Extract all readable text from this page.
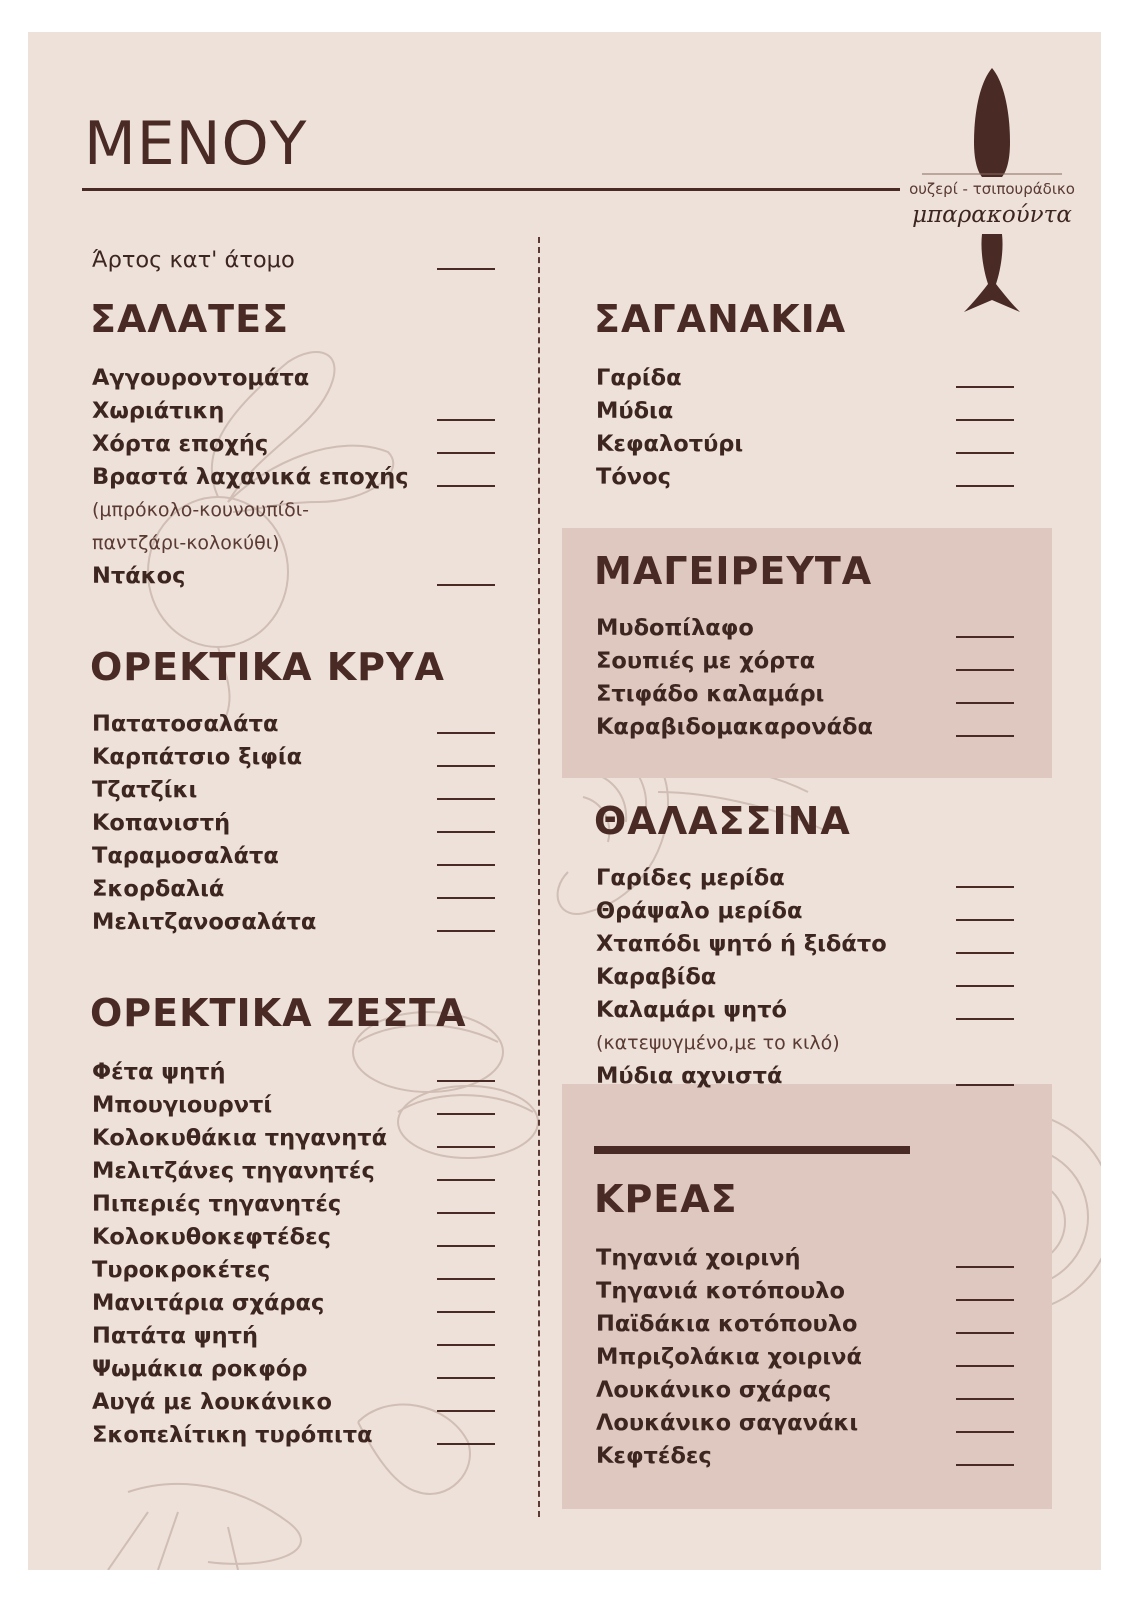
ΜΕΝΟΥ
ουζερί - τσιπουράδικο
μπαρακούντα

Άρτος κατ' άτομο

ΣΑΛΑΤΕΣ
Αγγουροντομάτα
Χωριάτικη
Χόρτα εποχής
Βραστά λαχανικά εποχής
(μπρόκολο-κουνουπίδι-
παντζάρι-κολοκύθι)
Ντάκος
ΟΡΕΚΤΙΚΑ ΚΡΥΑ
Πατατοσαλάτα
Καρπάτσιο ξιφία
Τζατζίκι
Κοπανιστή
Ταραμοσαλάτα
Σκορδαλιά
Μελιτζανοσαλάτα
ΟΡΕΚΤΙΚΑ ΖΕΣΤΑ
Φέτα ψητή
Μπουγιουρντί
Κολοκυθάκια τηγανητά
Μελιτζάνες τηγανητές
Πιπεριές τηγανητές
Κολοκυθοκεφτέδες
Τυροκροκέτες
Μανιτάρια σχάρας
Πατάτα ψητή
Ψωμάκια ροκφόρ
Αυγά με λουκάνικο
Σκοπελίτικη τυρόπιτα
ΣΑΓΑΝΑΚΙΑ
Γαρίδα
Μύδια
Κεφαλοτύρι
Τόνος
ΜΑΓΕΙΡΕΥΤΑ
Μυδοπίλαφο
Σουπιές με χόρτα
Στιφάδο καλαμάρι
Καραβιδομακαρονάδα
ΘΑΛΑΣΣΙΝΑ
Γαρίδες μερίδα
Θράψαλο μερίδα
Χταπόδι ψητό ή ξιδάτο
Καραβίδα
Καλαμάρι ψητό
(κατεψυγμένο,με το κιλό)
Μύδια αχνιστά
ΚΡΕΑΣ
Τηγανιά χοιρινή
Τηγανιά κοτόπουλο
Παϊδάκια κοτόπουλο
Μπριζολάκια χοιρινά
Λουκάνικο σχάρας
Λουκάνικο σαγανάκι
Κεφτέδες
